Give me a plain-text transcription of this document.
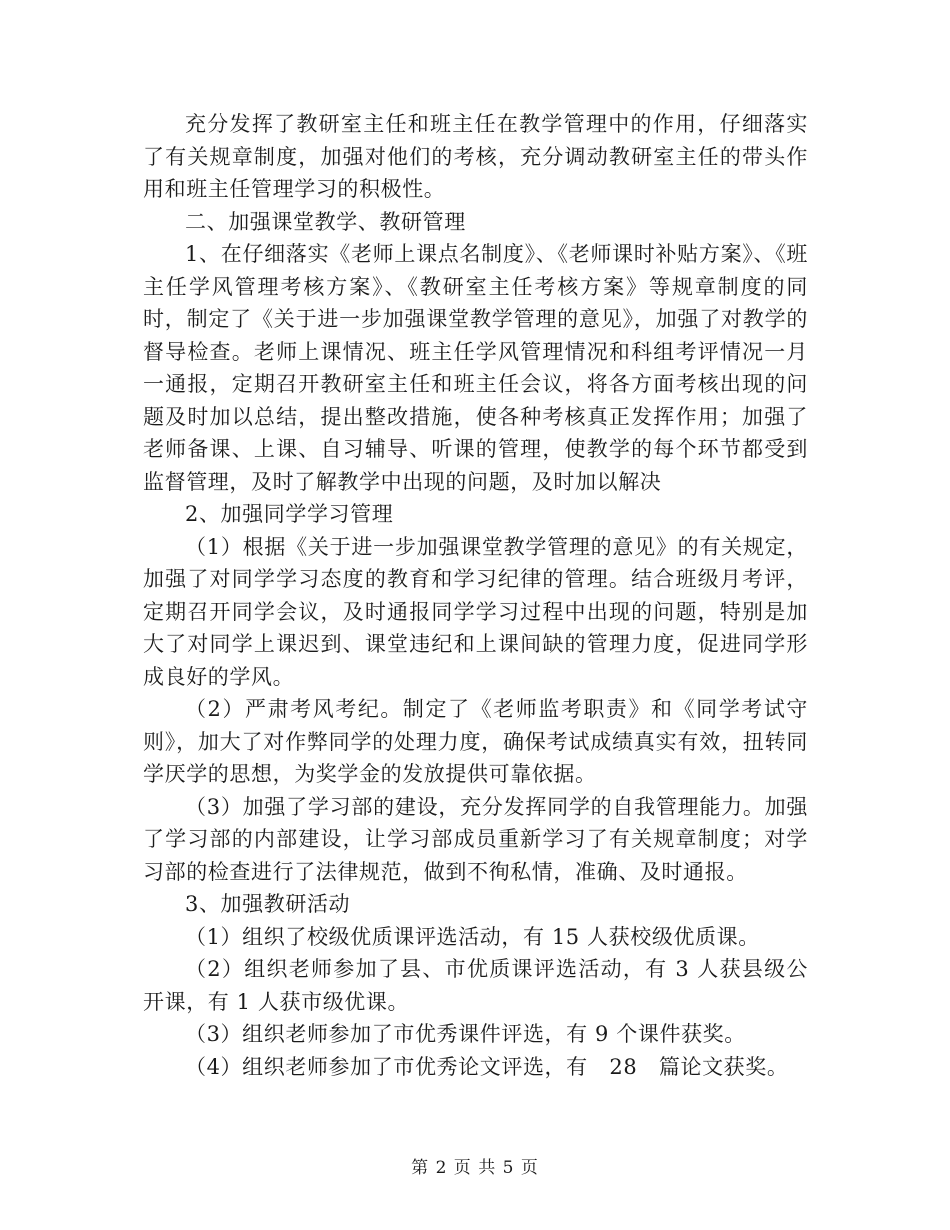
充分发挥了教研室主任和班主任在教学管理中的作用，仔细落实了有关规章制度，加强对他们的考核，充分调动教研室主任的带头作用和班主任管理学习的积极性。

二、加强课堂教学、教研管理

1、在仔细落实《老师上课点名制度》、《老师课时补贴方案》、《班主任学风管理考核方案》、《教研室主任考核方案》等规章制度的同时，制定了《关于进一步加强课堂教学管理的意见》，加强了对教学的督导检查。老师上课情况、班主任学风管理情况和科组考评情况一月一通报，定期召开教研室主任和班主任会议，将各方面考核出现的问题及时加以总结，提出整改措施，使各种考核真正发挥作用；加强了老师备课、上课、自习辅导、听课的管理，使教学的每个环节都受到监督管理，及时了解教学中出现的问题，及时加以解决

2、加强同学学习管理

（1）根据《关于进一步加强课堂教学管理的意见》的有关规定，加强了对同学学习态度的教育和学习纪律的管理。结合班级月考评，定期召开同学会议，及时通报同学学习过程中出现的问题，特别是加大了对同学上课迟到、课堂违纪和上课间缺的管理力度，促进同学形成良好的学风。

（2）严肃考风考纪。制定了《老师监考职责》和《同学考试守则》，加大了对作弊同学的处理力度，确保考试成绩真实有效，扭转同学厌学的思想，为奖学金的发放提供可靠依据。

（3）加强了学习部的建设，充分发挥同学的自我管理能力。加强了学习部的内部建设，让学习部成员重新学习了有关规章制度；对学习部的检查进行了法律规范，做到不徇私情，准确、及时通报。

3、加强教研活动

（1）组织了校级优质课评选活动，有 15 人获校级优质课。

（2）组织老师参加了县、市优质课评选活动，有 3 人获县级公开课，有 1 人获市级优课。

（3）组织老师参加了市优秀课件评选，有 9 个课件获奖。

（4）组织老师参加了市优秀论文评选，有　28　篇论文获奖。

第 2 页 共 5 页
